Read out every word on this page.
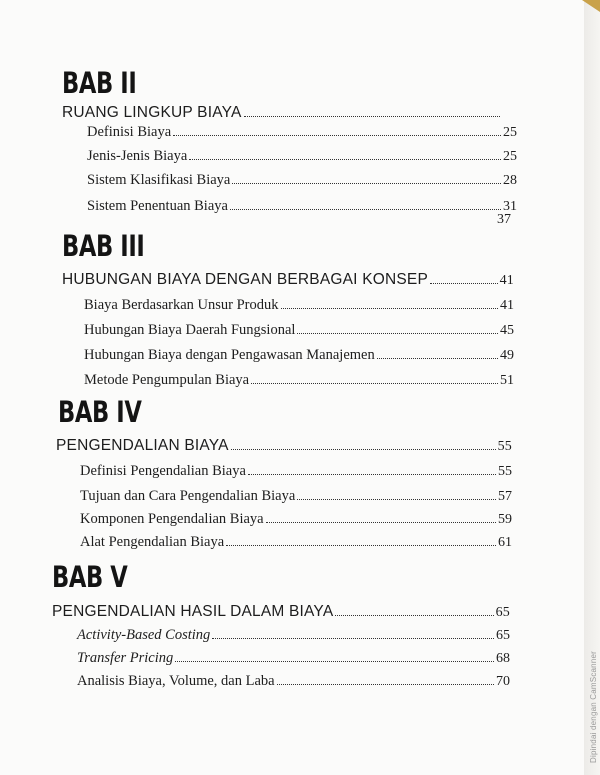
BAB II
RUANG LINGKUP BIAYA
Definisi Biaya	25
Jenis-Jenis Biaya	25
Sistem Klasifikasi Biaya	28
Sistem Penentuan Biaya	31
37
BAB III
HUBUNGAN BIAYA DENGAN BERBAGAI KONSEP	41
Biaya Berdasarkan Unsur Produk	41
Hubungan Biaya Daerah Fungsional	45
Hubungan Biaya dengan Pengawasan Manajemen	49
Metode Pengumpulan Biaya	51
BAB IV
PENGENDALIAN BIAYA	55
Definisi Pengendalian Biaya	55
Tujuan dan Cara Pengendalian Biaya	57
Komponen Pengendalian Biaya	59
Alat Pengendalian Biaya	61
BAB V
PENGENDALIAN HASIL DALAM BIAYA	65
Activity-Based Costing	65
Transfer Pricing	68
Analisis Biaya, Volume, dan Laba	70	Dipindai dengan CamScanner
